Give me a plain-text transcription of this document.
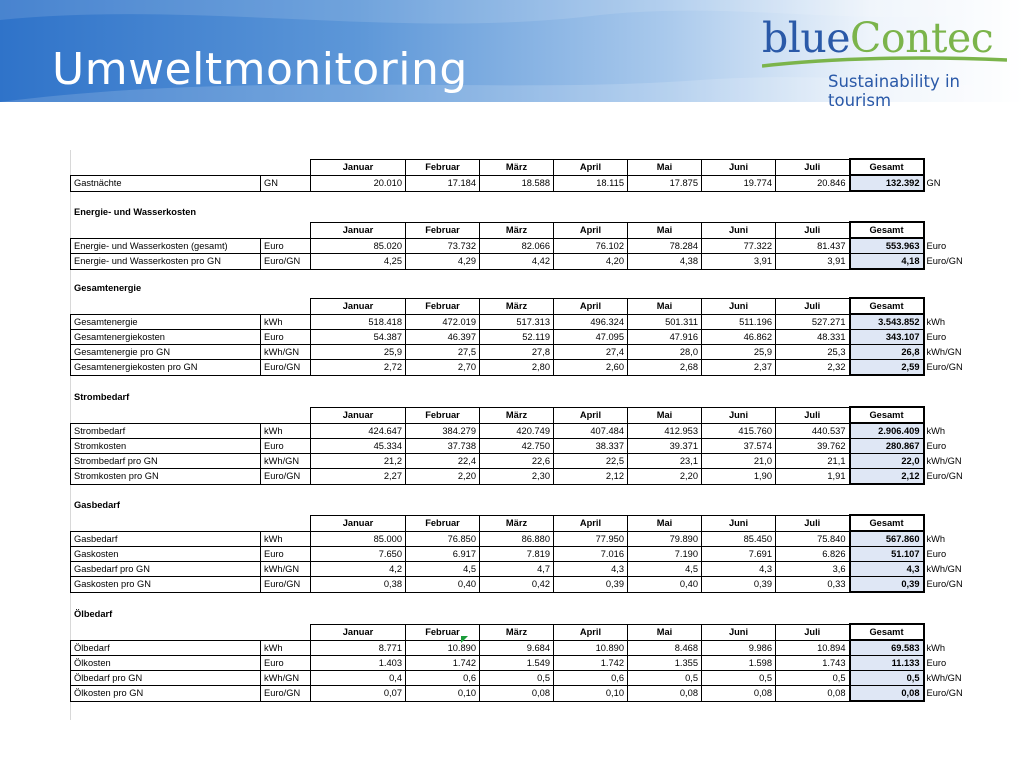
Umweltmonitoring
blueContec
Sustainability in tourism
		Januar	Februar	März	April	Mai	Juni	Juli	Gesamt	
Gastnächte	GN	20.010	17.184	18.588	18.115	17.875	19.774	20.846	132.392	GN
Energie- und Wasserkosten
		Januar	Februar	März	April	Mai	Juni	Juli	Gesamt	
Energie- und Wasserkosten (gesamt)	Euro	85.020	73.732	82.066	76.102	78.284	77.322	81.437	553.963	Euro
Energie- und Wasserkosten pro GN	Euro/GN	4,25	4,29	4,42	4,20	4,38	3,91	3,91	4,18	Euro/GN
Gesamtenergie
		Januar	Februar	März	April	Mai	Juni	Juli	Gesamt	
Gesamtenergie	kWh	518.418	472.019	517.313	496.324	501.311	511.196	527.271	3.543.852	kWh
Gesamtenergiekosten	Euro	54.387	46.397	52.119	47.095	47.916	46.862	48.331	343.107	Euro
Gesamtenergie pro GN	kWh/GN	25,9	27,5	27,8	27,4	28,0	25,9	25,3	26,8	kWh/GN
Gesamtenergiekosten pro GN	Euro/GN	2,72	2,70	2,80	2,60	2,68	2,37	2,32	2,59	Euro/GN
Strombedarf
		Januar	Februar	März	April	Mai	Juni	Juli	Gesamt	
Strombedarf	kWh	424.647	384.279	420.749	407.484	412.953	415.760	440.537	2.906.409	kWh
Stromkosten	Euro	45.334	37.738	42.750	38.337	39.371	37.574	39.762	280.867	Euro
Strombedarf pro GN	kWh/GN	21,2	22,4	22,6	22,5	23,1	21,0	21,1	22,0	kWh/GN
Stromkosten pro GN	Euro/GN	2,27	2,20	2,30	2,12	2,20	1,90	1,91	2,12	Euro/GN
Gasbedarf
		Januar	Februar	März	April	Mai	Juni	Juli	Gesamt	
Gasbedarf	kWh	85.000	76.850	86.880	77.950	79.890	85.450	75.840	567.860	kWh
Gaskosten	Euro	7.650	6.917	7.819	7.016	7.190	7.691	6.826	51.107	Euro
Gasbedarf pro GN	kWh/GN	4,2	4,5	4,7	4,3	4,5	4,3	3,6	4,3	kWh/GN
Gaskosten pro GN	Euro/GN	0,38	0,40	0,42	0,39	0,40	0,39	0,33	0,39	Euro/GN
Ölbedarf
		Januar	Februar	März	April	Mai	Juni	Juli	Gesamt	
Ölbedarf	kWh	8.771	10.890	9.684	10.890	8.468	9.986	10.894	69.583	kWh
Ölkosten	Euro	1.403	1.742	1.549	1.742	1.355	1.598	1.743	11.133	Euro
Ölbedarf pro GN	kWh/GN	0,4	0,6	0,5	0,6	0,5	0,5	0,5	0,5	kWh/GN
Ölkosten pro GN	Euro/GN	0,07	0,10	0,08	0,10	0,08	0,08	0,08	0,08	Euro/GN
